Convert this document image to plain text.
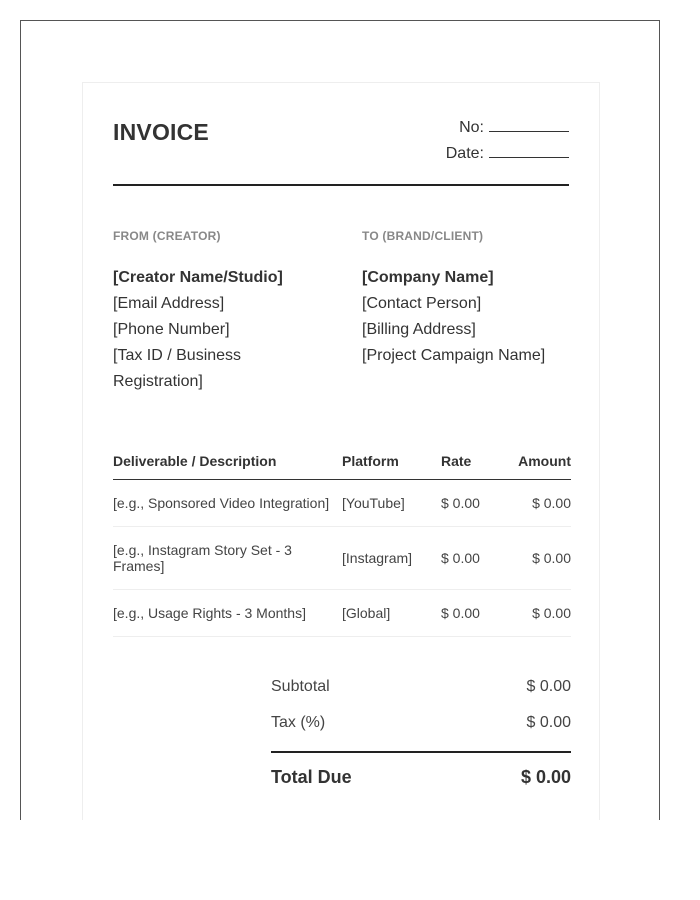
INVOICE	No:
Date:
FROM (CREATOR)
[Creator Name/Studio]
[Email Address]
[Phone Number]
[Tax ID / Business
Registration]
TO (BRAND/CLIENT)
[Company Name]
[Contact Person]
[Billing Address]
[Project Campaign Name]
Deliverable / Description	Platform	Rate	Amount
[e.g., Sponsored Video Integration]	[YouTube]	$ 0.00	$ 0.00
[e.g., Instagram Story Set - 3 Frames]	[Instagram]	$ 0.00	$ 0.00
[e.g., Usage Rights - 3 Months]	[Global]	$ 0.00	$ 0.00
Subtotal	$ 0.00
Tax (%)	$ 0.00
Total Due	$ 0.00
